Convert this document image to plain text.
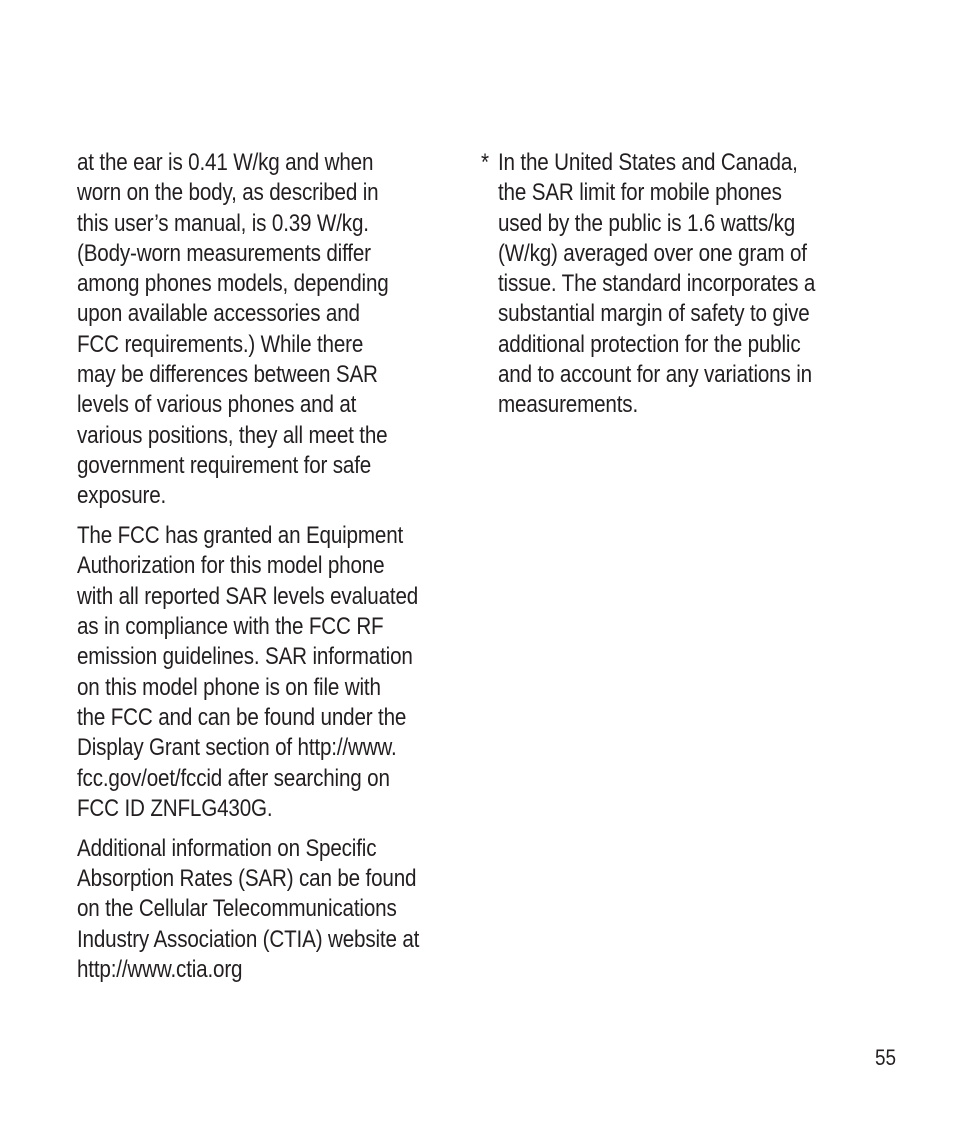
at the ear is 0.41 W/kg and when
worn on the body, as described in
this user’s manual, is 0.39 W/kg.
(Body-worn measurements differ
among phones models, depending
upon available accessories and
FCC requirements.) While there
may be differences between SAR
levels of various phones and at
various positions, they all meet the
government requirement for safe
exposure.
The FCC has granted an Equipment
Authorization for this model phone
with all reported SAR levels evaluated
as in compliance with the FCC RF
emission guidelines. SAR information
on this model phone is on file with
the FCC and can be found under the
Display Grant section of http://www.
fcc.gov/oet/fccid after searching on
FCC ID ZNFLG430G.
Additional information on Specific
Absorption Rates (SAR) can be found
on the Cellular Telecommunications
Industry Association (CTIA) website at
http://www.ctia.org
* In the United States and Canada,
the SAR limit for mobile phones
used by the public is 1.6 watts/kg
(W/kg) averaged over one gram of
tissue. The standard incorporates a
substantial margin of safety to give
additional protection for the public
and to account for any variations in
measurements.
55
